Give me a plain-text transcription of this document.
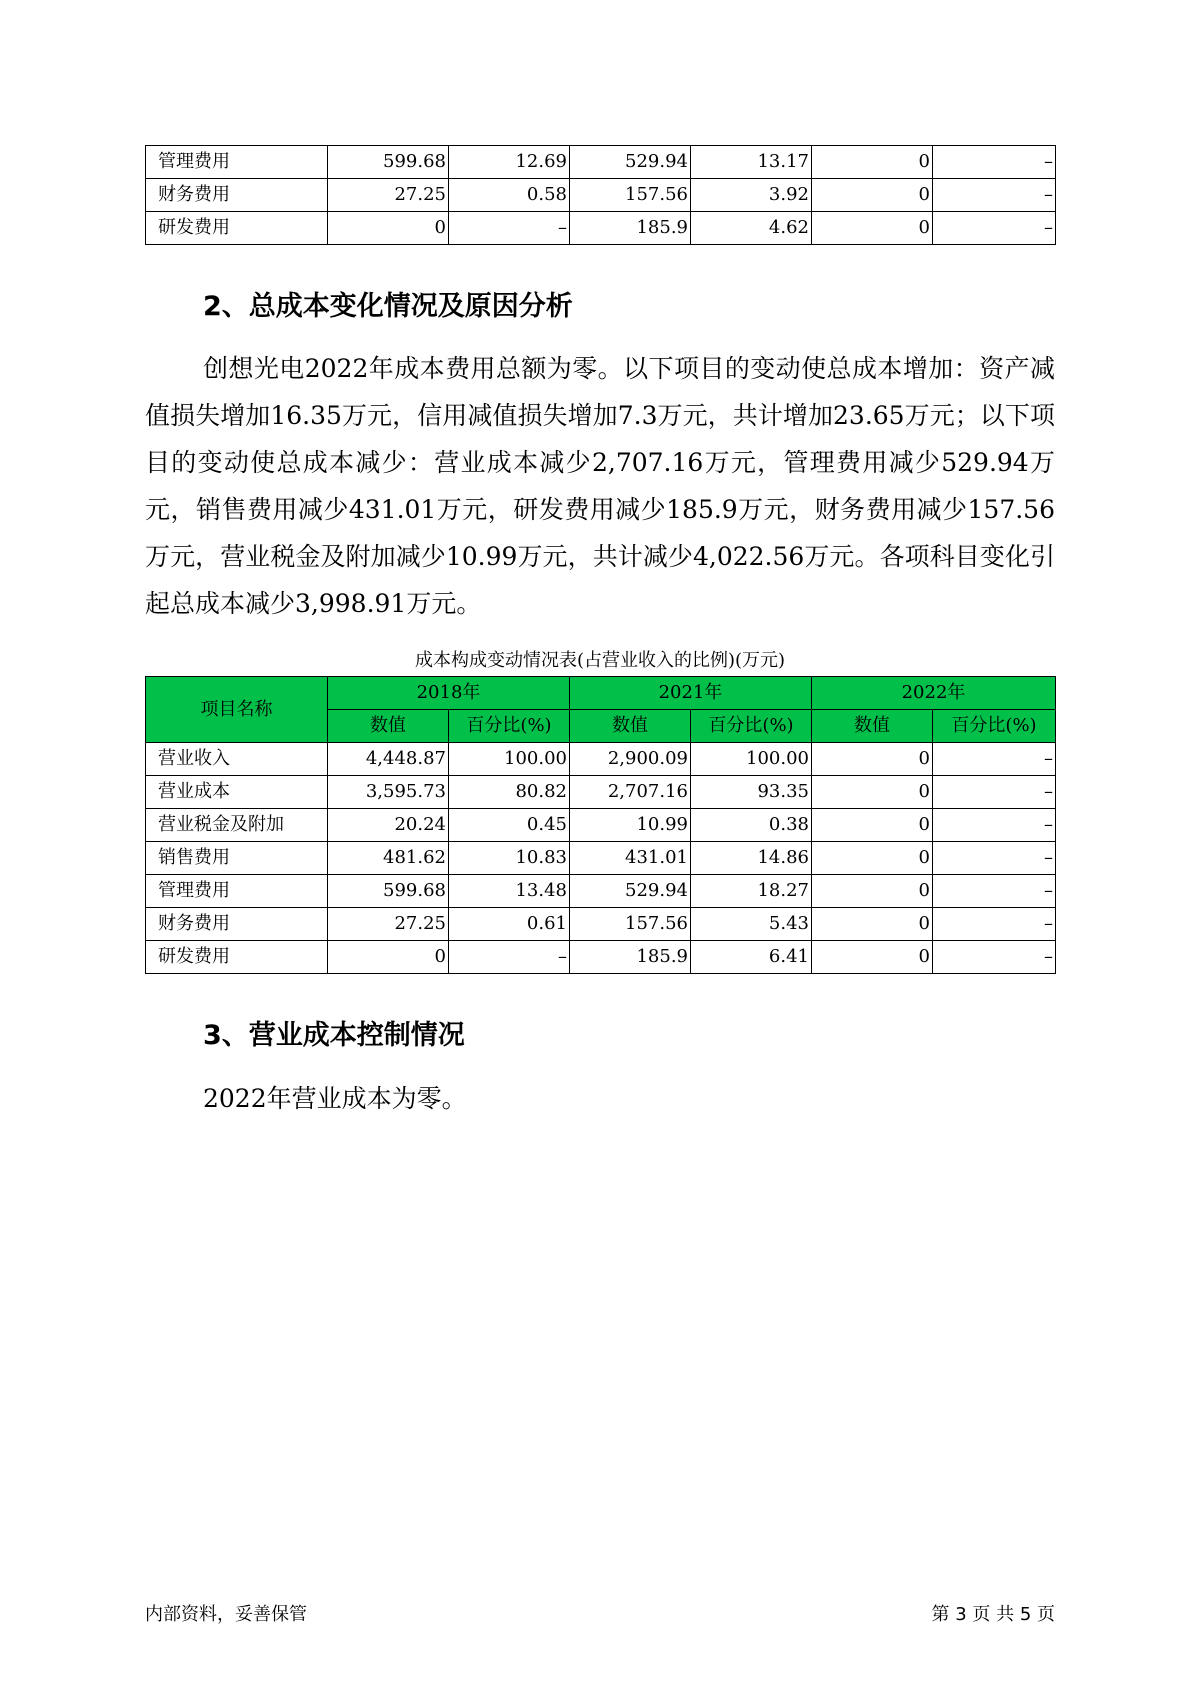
管理费用	599.68	12.69	529.94	13.17	0	–
财务费用	27.25	0.58	157.56	3.92	0	–
研发费用	0	–	185.9	4.62	0	–
2、总成本变化情况及原因分析

创想光电2022年成本费用总额为零。以下项目的变动使总成本增加：资产减值损失增加16.35万元，信用减值损失增加7.3万元，共计增加23.65万元；以下项目的变动使总成本减少：营业成本减少2,707.16万元，管理费用减少529.94万元，销售费用减少431.01万元，研发费用减少185.9万元，财务费用减少157.56万元，营业税金及附加减少10.99万元，共计减少4,022.56万元。各项科目变化引起总成本减少3,998.91万元。

成本构成变动情况表(占营业收入的比例)(万元)
项目名称	2018年		2021年		2022年	
	数值	百分比(%)	数值	百分比(%)	数值	百分比(%)
营业收入	4,448.87	100.00	2,900.09	100.00	0	–
营业成本	3,595.73	80.82	2,707.16	93.35	0	–
营业税金及附加	20.24	0.45	10.99	0.38	0	–
销售费用	481.62	10.83	431.01	14.86	0	–
管理费用	599.68	13.48	529.94	18.27	0	–
财务费用	27.25	0.61	157.56	5.43	0	–
研发费用	0	–	185.9	6.41	0	–
3、营业成本控制情况

2022年营业成本为零。

内部资料，妥善保管	第 3 页 共 5 页
